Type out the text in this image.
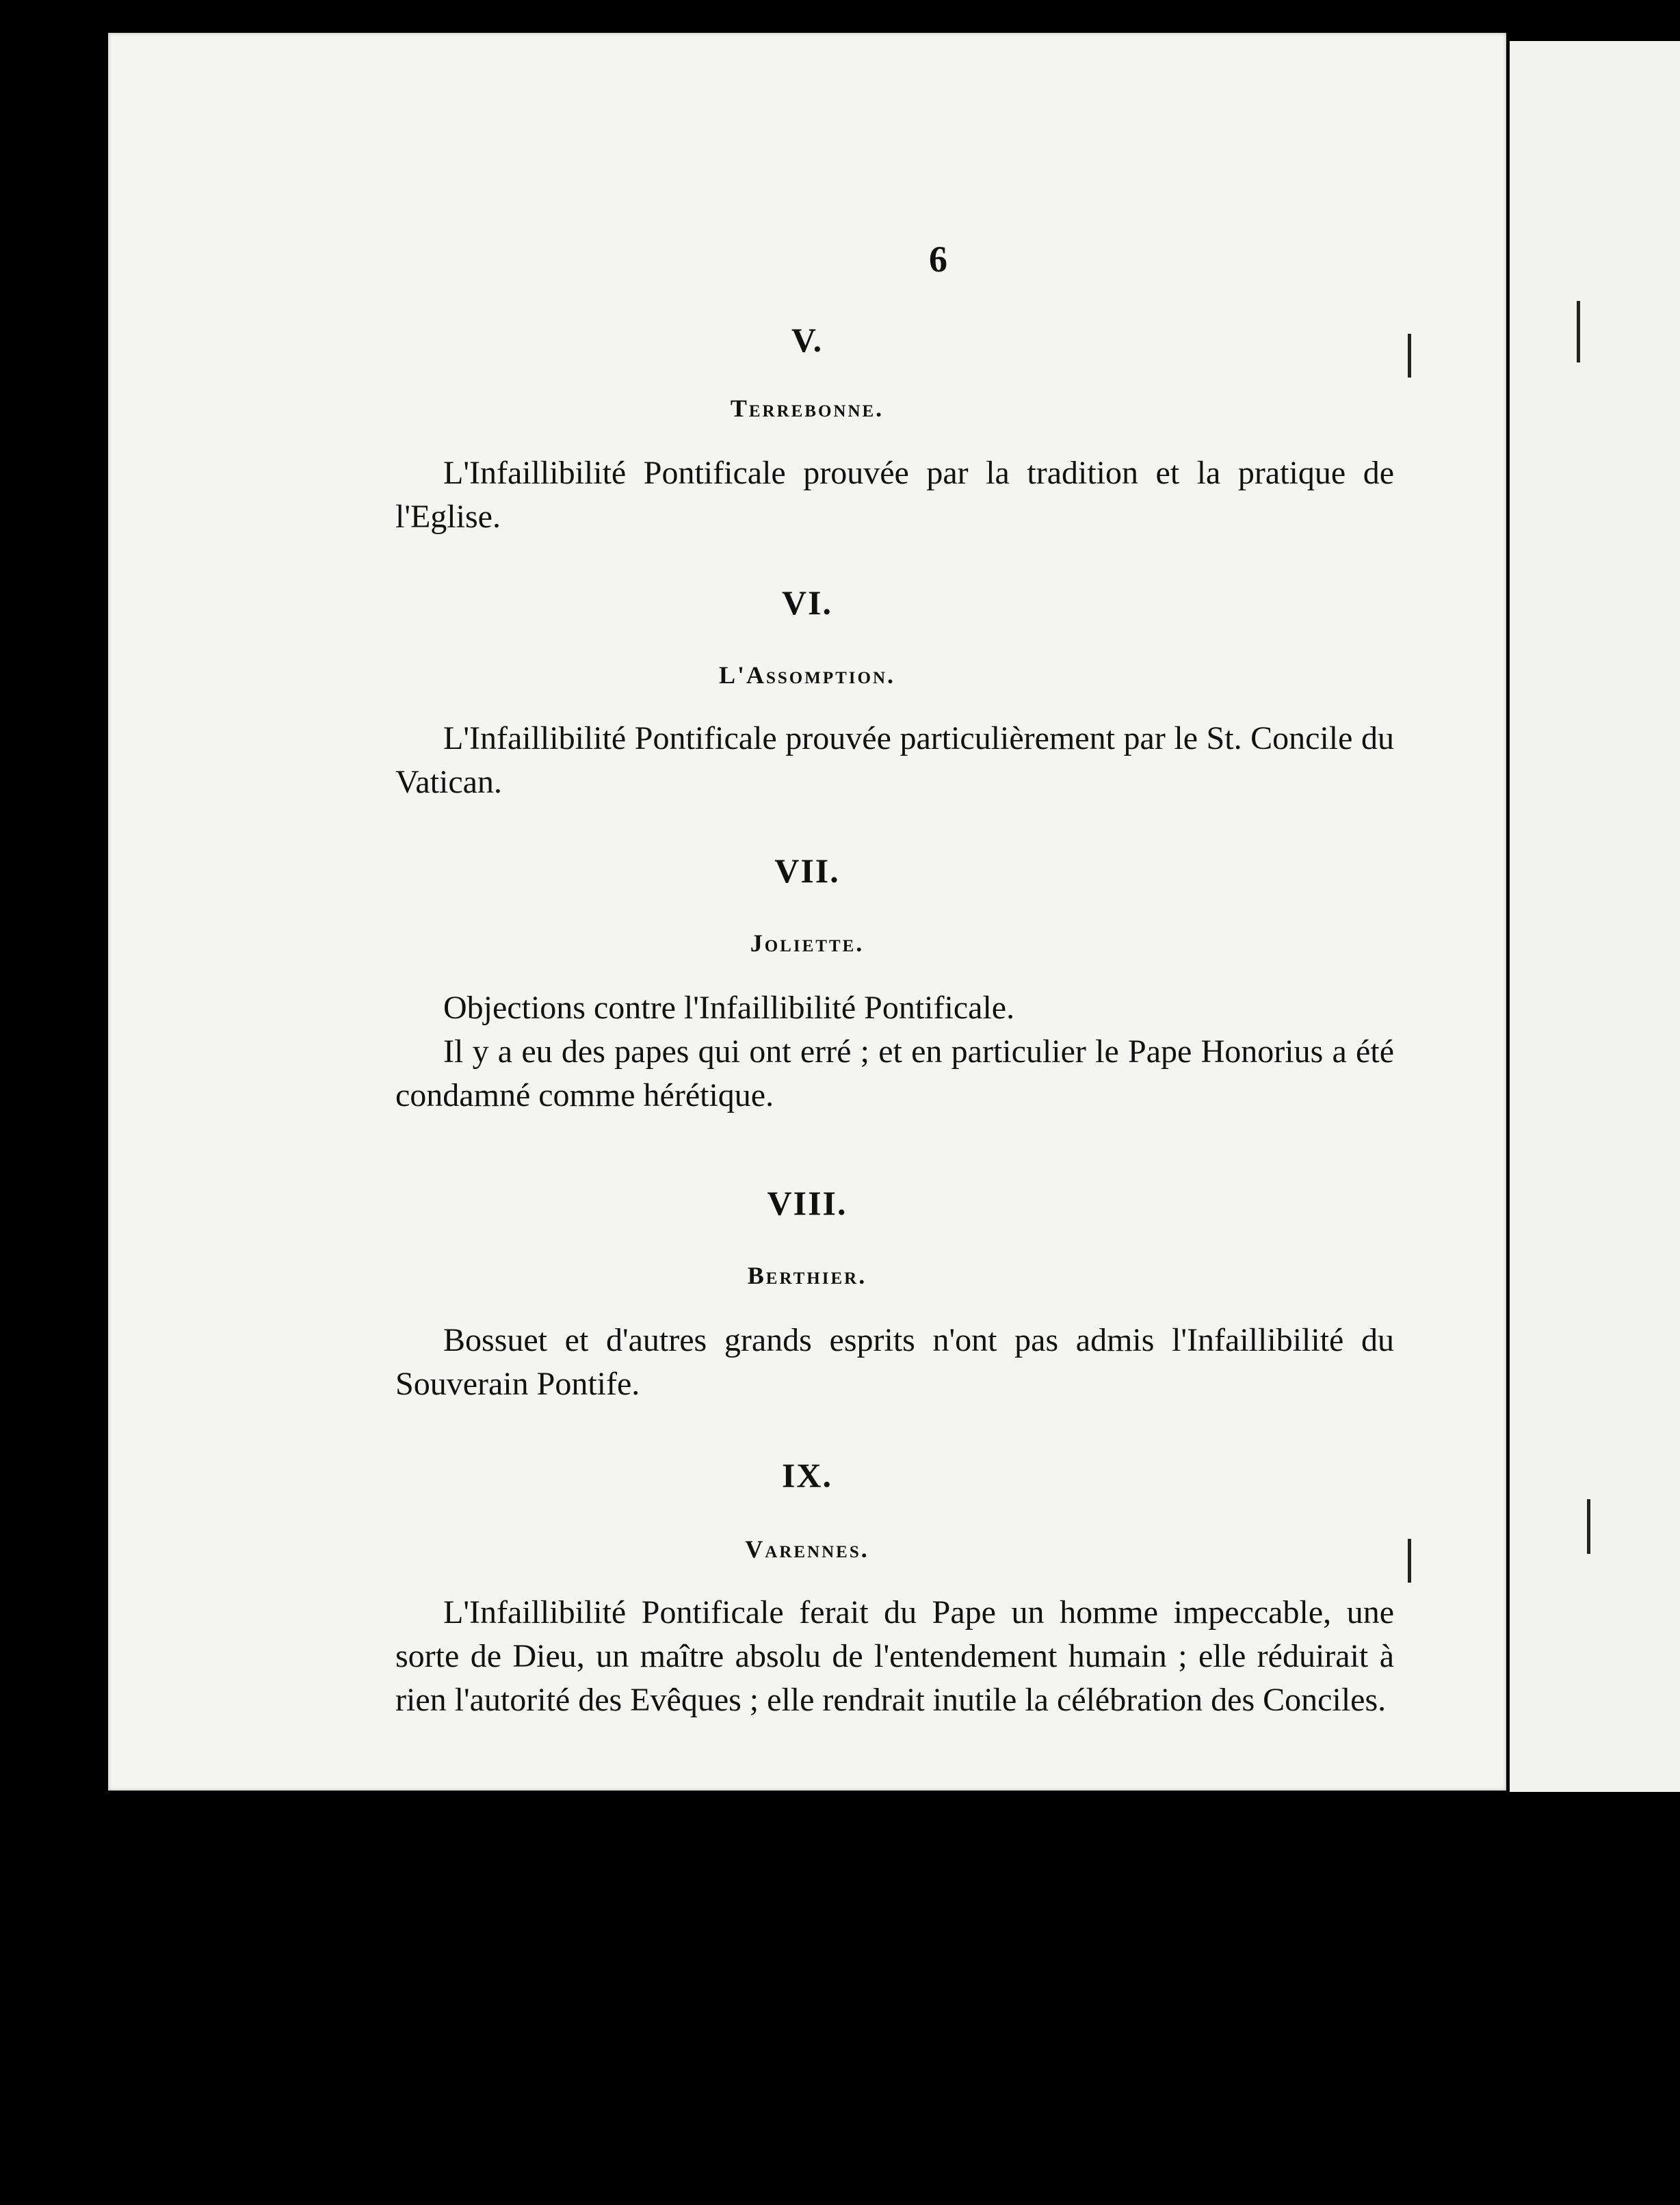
6
V.
Terrebonne.

L'Infaillibilité Pontificale prouvée par la tradition et la pratique de l'Eglise.

VI.
L'Assomption.

L'Infaillibilité Pontificale prouvée particulièrement par le St. Concile du Vatican.

VII.
Joliette.

Objections contre l'Infaillibilité Pontificale.

Il y a eu des papes qui ont erré ; et en particulier le Pape Honorius a été condamné comme hérétique.

VIII.
Berthier.

Bossuet et d'autres grands esprits n'ont pas admis l'Infaillibilité du Souverain Pontife.

IX.
Varennes.

L'Infaillibilité Pontificale ferait du Pape un homme impeccable, une sorte de Dieu, un maître absolu de l'entendement humain ; elle réduirait à rien l'autorité des Evêques ; elle rendrait inutile la célébration des Conciles.
